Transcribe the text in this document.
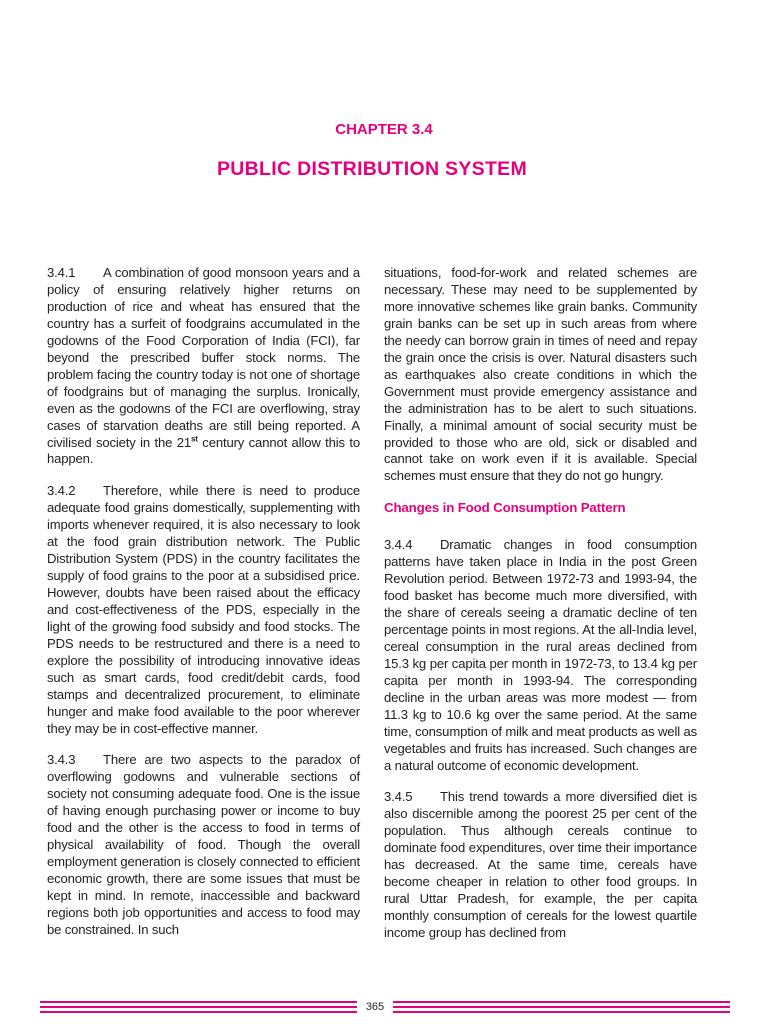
CHAPTER 3.4
PUBLIC DISTRIBUTION SYSTEM

3.4.1 A combination of good monsoon years and a policy of ensuring relatively higher returns on production of rice and wheat has ensured that the country has a surfeit of foodgrains accumulated in the godowns of the Food Corporation of India (FCI), far beyond the prescribed buffer stock norms. The problem facing the country today is not one of shortage of foodgrains but of managing the surplus. Ironically, even as the godowns of the FCI are overflowing, stray cases of starvation deaths are still being reported. A civilised society in the 21st century cannot allow this to happen.

3.4.2 Therefore, while there is need to produce adequate food grains domestically, supplementing with imports whenever required, it is also necessary to look at the food grain distribution network. The Public Distribution System (PDS) in the country facilitates the supply of food grains to the poor at a subsidised price. However, doubts have been raised about the efficacy and cost-effectiveness of the PDS, especially in the light of the growing food subsidy and food stocks. The PDS needs to be restructured and there is a need to explore the possibility of introducing innovative ideas such as smart cards, food credit/debit cards, food stamps and decentralized procurement, to eliminate hunger and make food available to the poor wherever they may be in cost-effective manner.

3.4.3 There are two aspects to the paradox of overflowing godowns and vulnerable sections of society not consuming adequate food. One is the issue of having enough purchasing power or income to buy food and the other is the access to food in terms of physical availability of food. Though the overall employment generation is closely connected to efficient economic growth, there are some issues that must be kept in mind. In remote, inaccessible and backward regions both job opportunities and access to food may be constrained. In such

situations, food-for-work and related schemes are necessary. These may need to be supplemented by more innovative schemes like grain banks. Community grain banks can be set up in such areas from where the needy can borrow grain in times of need and repay the grain once the crisis is over. Natural disasters such as earthquakes also create conditions in which the Government must provide emergency assistance and the administration has to be alert to such situations. Finally, a minimal amount of social security must be provided to those who are old, sick or disabled and cannot take on work even if it is available. Special schemes must ensure that they do not go hungry.

Changes in Food Consumption Pattern

3.4.4 Dramatic changes in food consumption patterns have taken place in India in the post Green Revolution period. Between 1972-73 and 1993-94, the food basket has become much more diversified, with the share of cereals seeing a dramatic decline of ten percentage points in most regions. At the all-India level, cereal consumption in the rural areas declined from 15.3 kg per capita per month in 1972-73, to 13.4 kg per capita per month in 1993-94. The corresponding decline in the urban areas was more modest — from 11.3 kg to 10.6 kg over the same period. At the same time, consumption of milk and meat products as well as vegetables and fruits has increased. Such changes are a natural outcome of economic development.

3.4.5 This trend towards a more diversified diet is also discernible among the poorest 25 per cent of the population. Thus although cereals continue to dominate food expenditures, over time their importance has decreased. At the same time, cereals have become cheaper in relation to other food groups. In rural Uttar Pradesh, for example, the per capita monthly consumption of cereals for the lowest quartile income group has declined from

365
